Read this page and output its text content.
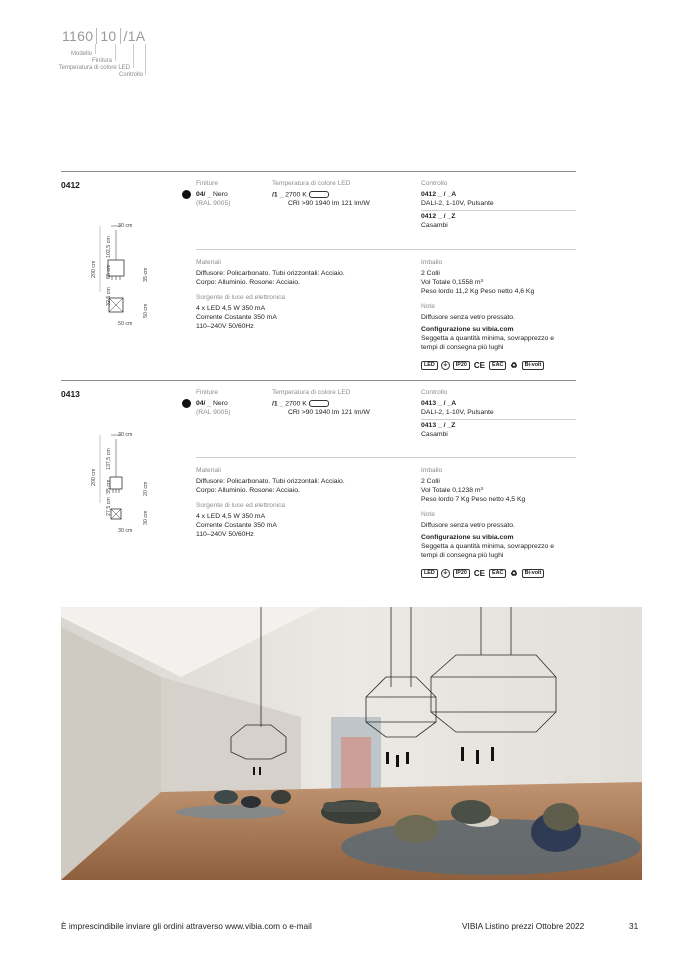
1160 10 /1A
Modello
Finitura
Temperatura di colore LED
Controllo
0412
30 cm
200 cm
102,5 cm
65 cm
32,5 cm
35 cm
50 cm
50 cm
Finiture
04/ _ Nero
(RAL 9005)
Temperatura di colore LED
/1 _ 2700 K
CRI >90 1940 lm 121 lm/W
Controllo
0412 _ / _A
DALI-2, 1-10V, Pulsante
0412 _ / _Z
Casambi
Materiali
Diffusore: Policarbonato. Tubi orizzontali: Acciaio.
Corpo: Alluminio. Rosone: Acciaio.
Sorgente di luce ed elettronica
4 x LED 4,5 W 350 mA
Corrente Costante 350 mA
110–240V 50/60Hz
Imballo
2 Colli
Vol Totale 0,1558 m³
Peso lordo 11,2 Kg Peso netto 4,6 Kg
Note
Diffusore senza vetro pressato.
Configurazione su vibia.com
Seggetta a quantità minima, sovrapprezzo e
tempi di consegna più lughi
LED	⏚	IP20 CE	EAC ♻	Bi-volt
0413
30 cm
200 cm
137,5 cm
35 cm
27,5 cm
20 cm
30 cm
30 cm
Finiture
04/ _ Nero
(RAL 9005)
Temperatura di colore LED
/1 _ 2700 K
CRI >90 1940 lm 121 lm/W
Controllo
0413 _ / _A
DALI-2, 1-10V, Pulsante
0413 _ / _Z
Casambi
Materiali
Diffusore: Policarbonato. Tubi orizzontali: Acciaio.
Corpo: Alluminio. Rosone: Acciaio.
Sorgente di luce ed elettronica
4 x LED 4,5 W 350 mA
Corrente Costante 350 mA
110–240V 50/60Hz
Imballo
2 Colli
Vol Totale 0,1238 m³
Peso lordo 7 Kg Peso netto 4,5 Kg
Note
Diffusore senza vetro pressato.
Configurazione su vibia.com
Seggetta a quantità minima, sovrapprezzo e
tempi di consegna più lughi
LED	⏚	IP20 CE	EAC ♻	Bi-volt
È imprescindibile inviare gli ordini attraverso www.vibia.com o e-mail	VIBIA Listino prezzi Ottobre 2022	31
